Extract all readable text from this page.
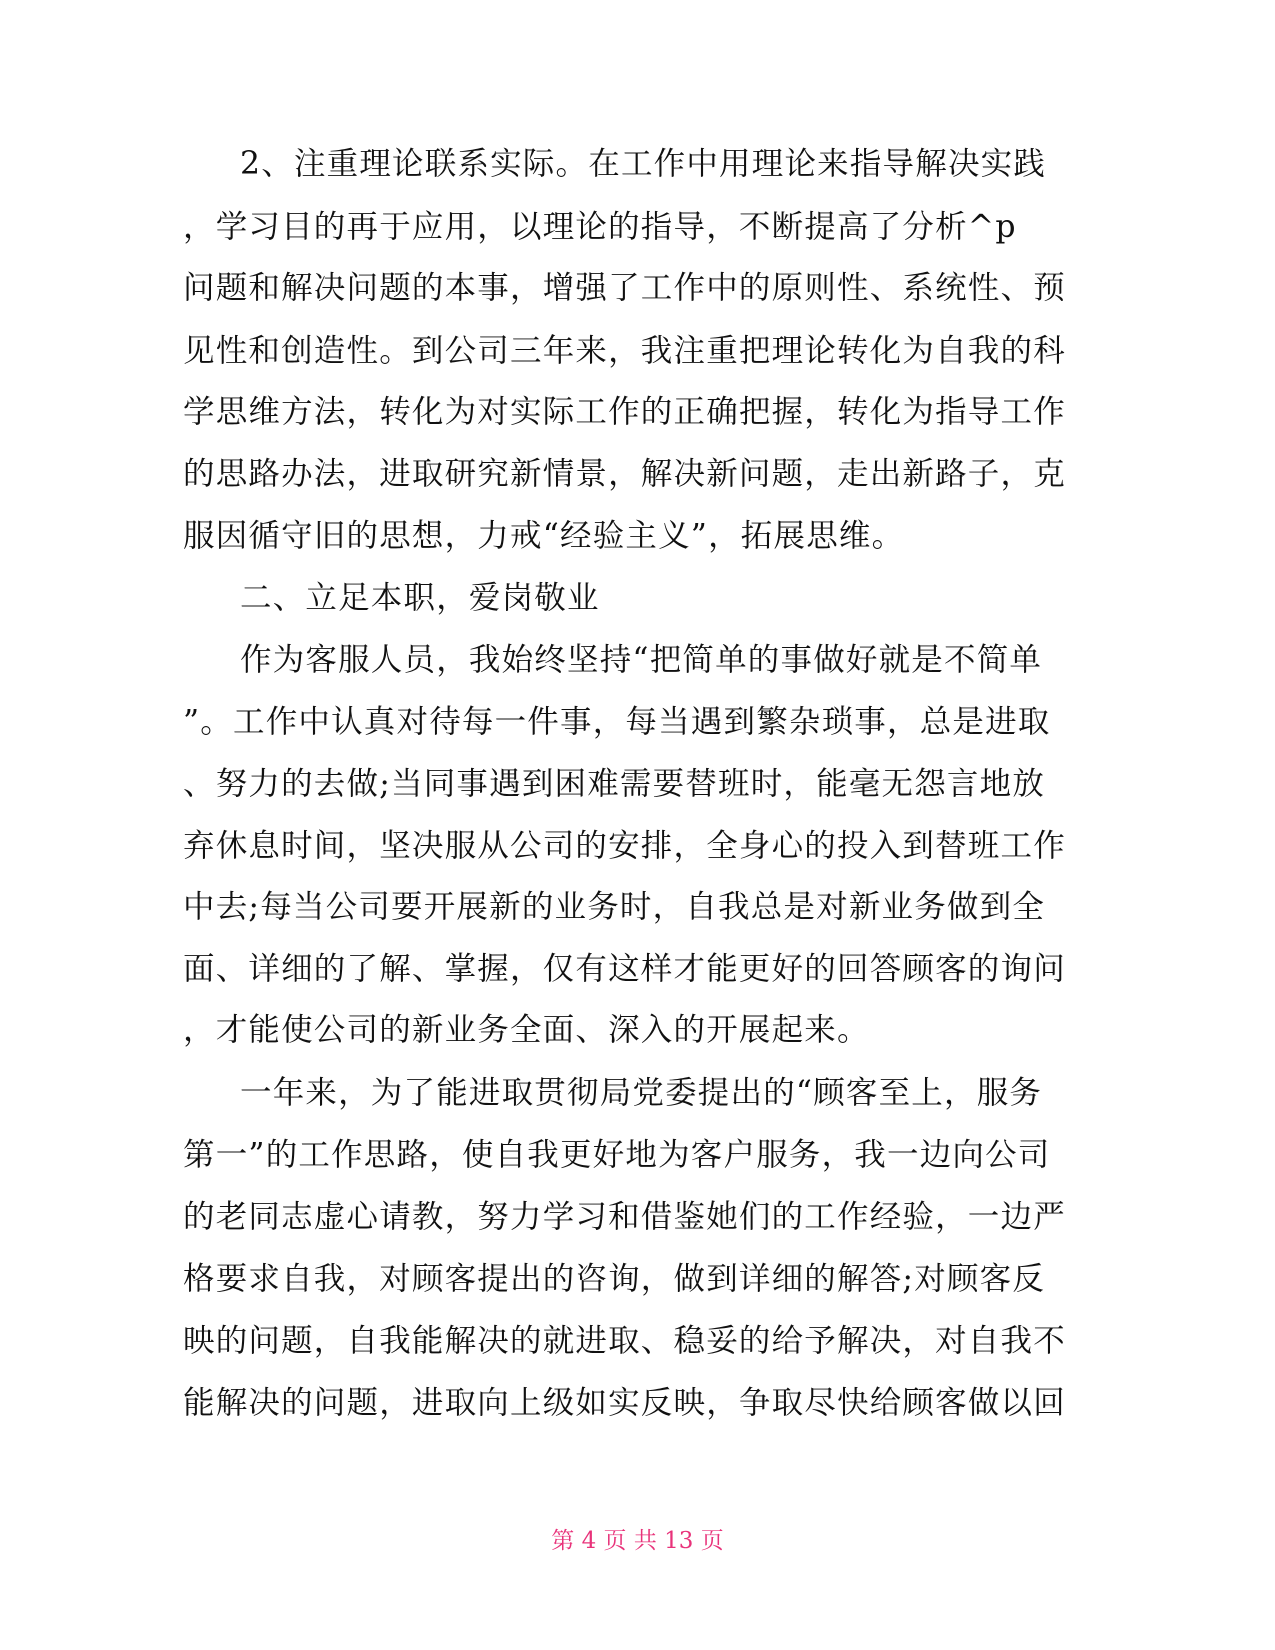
2、注重理论联系实际。在工作中用理论来指导解决实践
，学习目的再于应用，以理论的指导，不断提高了分析^p
问题和解决问题的本事，增强了工作中的原则性、系统性、预
见性和创造性。到公司三年来，我注重把理论转化为自我的科
学思维方法，转化为对实际工作的正确把握，转化为指导工作
的思路办法，进取研究新情景，解决新问题，走出新路子，克
服因循守旧的思想，力戒“经验主义”，拓展思维。
二、立足本职，爱岗敬业
作为客服人员，我始终坚持“把简单的事做好就是不简单
”。工作中认真对待每一件事，每当遇到繁杂琐事，总是进取
、努力的去做;当同事遇到困难需要替班时，能毫无怨言地放
弃休息时间，坚决服从公司的安排，全身心的投入到替班工作
中去;每当公司要开展新的业务时，自我总是对新业务做到全
面、详细的了解、掌握，仅有这样才能更好的回答顾客的询问
，才能使公司的新业务全面、深入的开展起来。
一年来，为了能进取贯彻局党委提出的“顾客至上，服务
第一”的工作思路，使自我更好地为客户服务，我一边向公司
的老同志虚心请教，努力学习和借鉴她们的工作经验，一边严
格要求自我，对顾客提出的咨询，做到详细的解答;对顾客反
映的问题，自我能解决的就进取、稳妥的给予解决，对自我不
能解决的问题，进取向上级如实反映，争取尽快给顾客做以回
第 4 页 共 13 页
